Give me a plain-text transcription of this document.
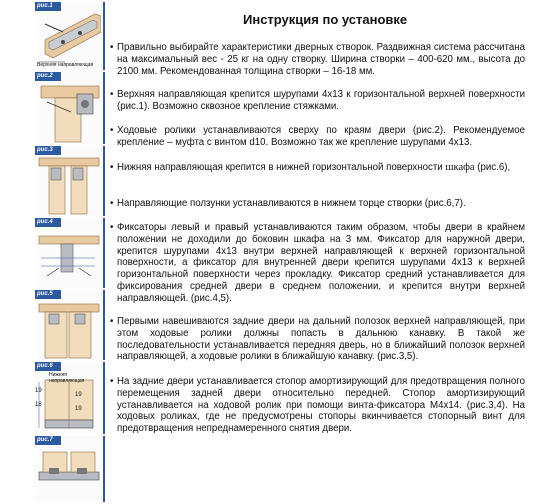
рис.1
Верхняя направляющая
рис.2
рис.3
рис.4
рис.5
рис.6
Нижняя направляющая
19
18
19
19
рис.7
Инструкция по установке
• Правильно выбирайте характеристики дверных створок. Раздвижная система рассчитана на максимальный вес - 25 кг на одну створку. Ширина створки – 400-620 мм., высота до 2100 мм. Рекомендованная толщина створки – 16-18 мм.
• Верхняя направляющая крепится шурупами 4х13 к горизонтальной верхней поверхности (рис.1). Возможно сквозное крепление стяжками.
• Ходовые ролики устанавливаются сверху по краям двери (рис.2). Рекомендуемое крепление – муфта с винтом d10. Возможно так же крепление шурупами 4х13.
• Нижняя направляющая крепится в нижней горизонтальной поверхности шкафа (рис.6),
• Направляющие ползунки устанавливаются в нижнем торце створки (рис.6,7).
• Фиксаторы левый и правый устанавливаются таким образом, чтобы двери в крайнем положении не доходили до боковин шкафа на 3 мм. Фиксатор для наружной двери, крепится шурупами 4х13 внутри верхней направляющей к верхней горизонтальной поверхности, а фиксатор для внутренней двери крепится шурупами 4х13 к верхней горизонтальной поверхности через прокладку. Фиксатор средний устанавливается для фиксирования средней двери в среднем положении, и крепится внутри верхней направляющей. (рис.4,5).
• Первыми навешиваются задние двери на дальний полозок верхней направляющей, при этом ходовые ролики должны попасть в дальнюю канавку. В такой же последовательности устанавливается передняя дверь, но в ближайший полозок верхней направляющей, а ходовые ролики в ближайшую канавку. (рис.3,5).
• На задние двери устанавливается стопор амортизирующий для предотвращения полного перемещения задней двери относительно передней. Стопор амортизирующий устанавливается на ходовой ролик при помощи винта-фиксатора М4х14. (рис.3,4). На ходовых роликах, где не предусмотрены стопоры вкинчивается стопорный винт для предотвращения непреднамеренного снятия двери.
